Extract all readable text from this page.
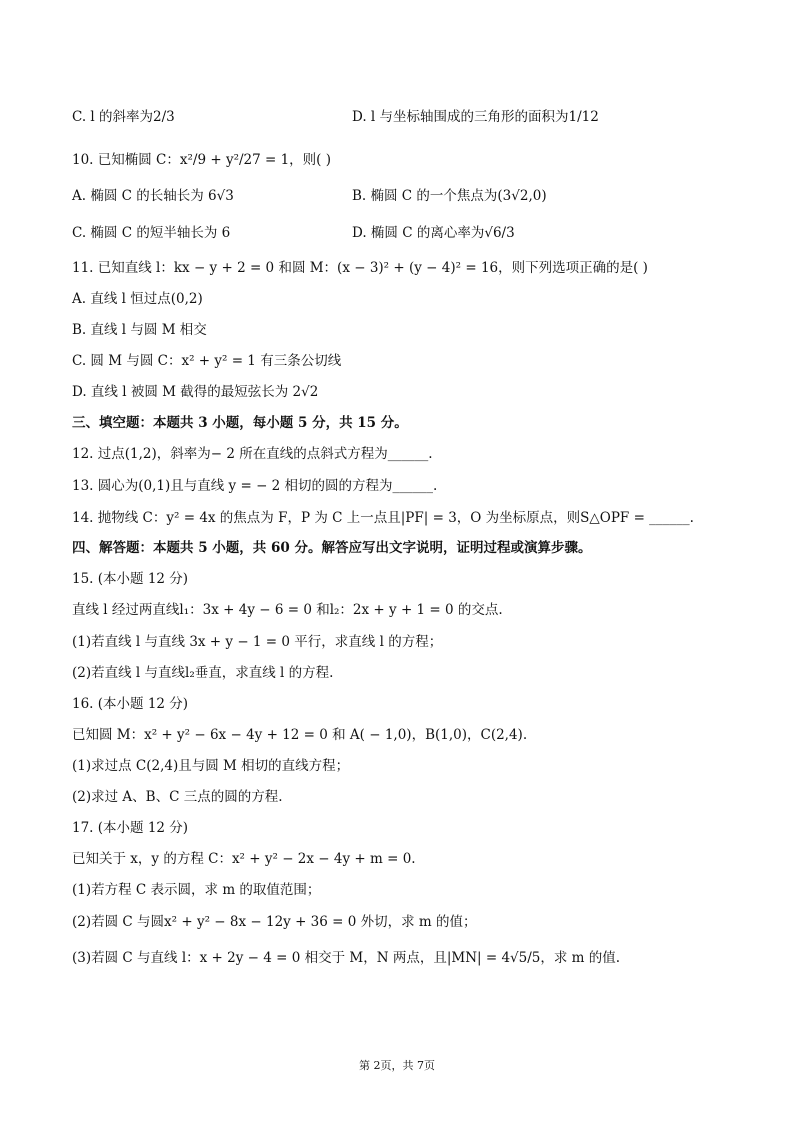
C. l 的斜率为2/3	D. l 与坐标轴围成的三角形的面积为1/12
10. 已知椭圆 C：x²/9 + y²/27 = 1，则( )
A. 椭圆 C 的长轴长为 6√3	B. 椭圆 C 的一个焦点为(3√2,0)
C. 椭圆 C 的短半轴长为 6	D. 椭圆 C 的离心率为√6/3
11. 已知直线 l：kx − y + 2 = 0 和圆 M：(x − 3)² + (y − 4)² = 16，则下列选项正确的是( )
A. 直线 l 恒过点(0,2)
B. 直线 l 与圆 M 相交
C. 圆 M 与圆 C：x² + y² = 1 有三条公切线
D. 直线 l 被圆 M 截得的最短弦长为 2√2
三、填空题：本题共 3 小题，每小题 5 分，共 15 分。
12. 过点(1,2)，斜率为− 2 所在直线的点斜式方程为______.
13. 圆心为(0,1)且与直线 y = − 2 相切的圆的方程为______.
14. 抛物线 C：y² = 4x 的焦点为 F，P 为 C 上一点且|PF| = 3，O 为坐标原点，则S△OPF = ______.
四、解答题：本题共 5 小题，共 60 分。解答应写出文字说明，证明过程或演算步骤。
15. (本小题 12 分)
直线 l 经过两直线l₁：3x + 4y − 6 = 0 和l₂：2x + y + 1 = 0 的交点.
(1)若直线 l 与直线 3x + y − 1 = 0 平行，求直线 l 的方程；
(2)若直线 l 与直线l₂垂直，求直线 l 的方程.
16. (本小题 12 分)
已知圆 M：x² + y² − 6x − 4y + 12 = 0 和 A( − 1,0)，B(1,0)，C(2,4).
(1)求过点 C(2,4)且与圆 M 相切的直线方程；
(2)求过 A、B、C 三点的圆的方程.
17. (本小题 12 分)
已知关于 x，y 的方程 C：x² + y² − 2x − 4y + m = 0.
(1)若方程 C 表示圆，求 m 的取值范围；
(2)若圆 C 与圆x² + y² − 8x − 12y + 36 = 0 外切，求 m 的值；
(3)若圆 C 与直线 l：x + 2y − 4 = 0 相交于 M，N 两点，且|MN| = 4√5/5，求 m 的值.
第 2页，共 7页
